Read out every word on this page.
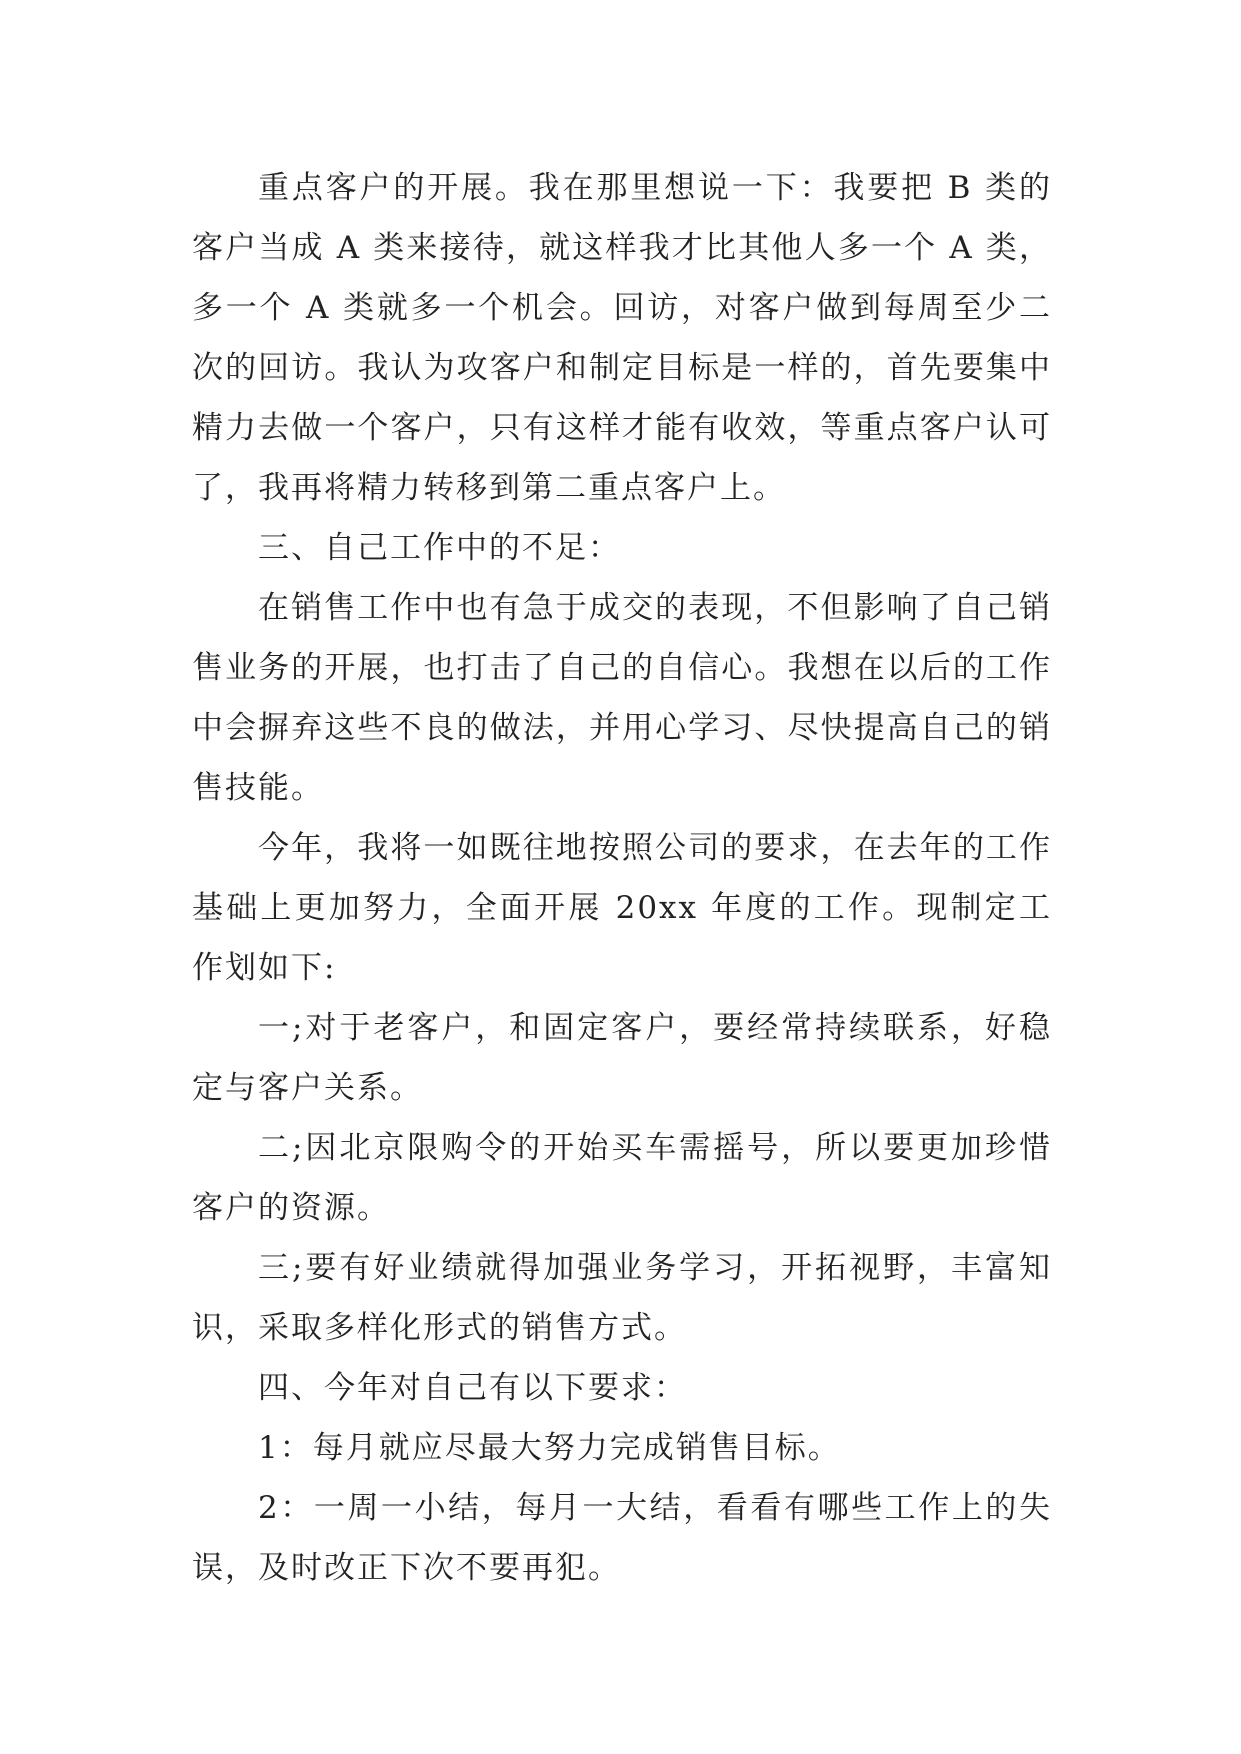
重点客户的开展。我在那里想说一下：我要把 B 类的客户当成 A 类来接待，就这样我才比其他人多一个 A 类，多一个 A 类就多一个机会。回访，对客户做到每周至少二次的回访。我认为攻客户和制定目标是一样的，首先要集中精力去做一个客户，只有这样才能有收效，等重点客户认可了，我再将精力转移到第二重点客户上。

三、自己工作中的不足：

在销售工作中也有急于成交的表现，不但影响了自己销售业务的开展，也打击了自己的自信心。我想在以后的工作中会摒弃这些不良的做法，并用心学习、尽快提高自己的销售技能。

今年，我将一如既往地按照公司的要求，在去年的工作基础上更加努力，全面开展 20xx 年度的工作。现制定工作划如下:

一;对于老客户，和固定客户，要经常持续联系，好稳定与客户关系。

二;因北京限购令的开始买车需摇号，所以要更加珍惜客户的资源。

三;要有好业绩就得加强业务学习，开拓视野，丰富知识，采取多样化形式的销售方式。

四、今年对自己有以下要求：

1：每月就应尽最大努力完成销售目标。

2：一周一小结，每月一大结，看看有哪些工作上的失误，及时改正下次不要再犯。
